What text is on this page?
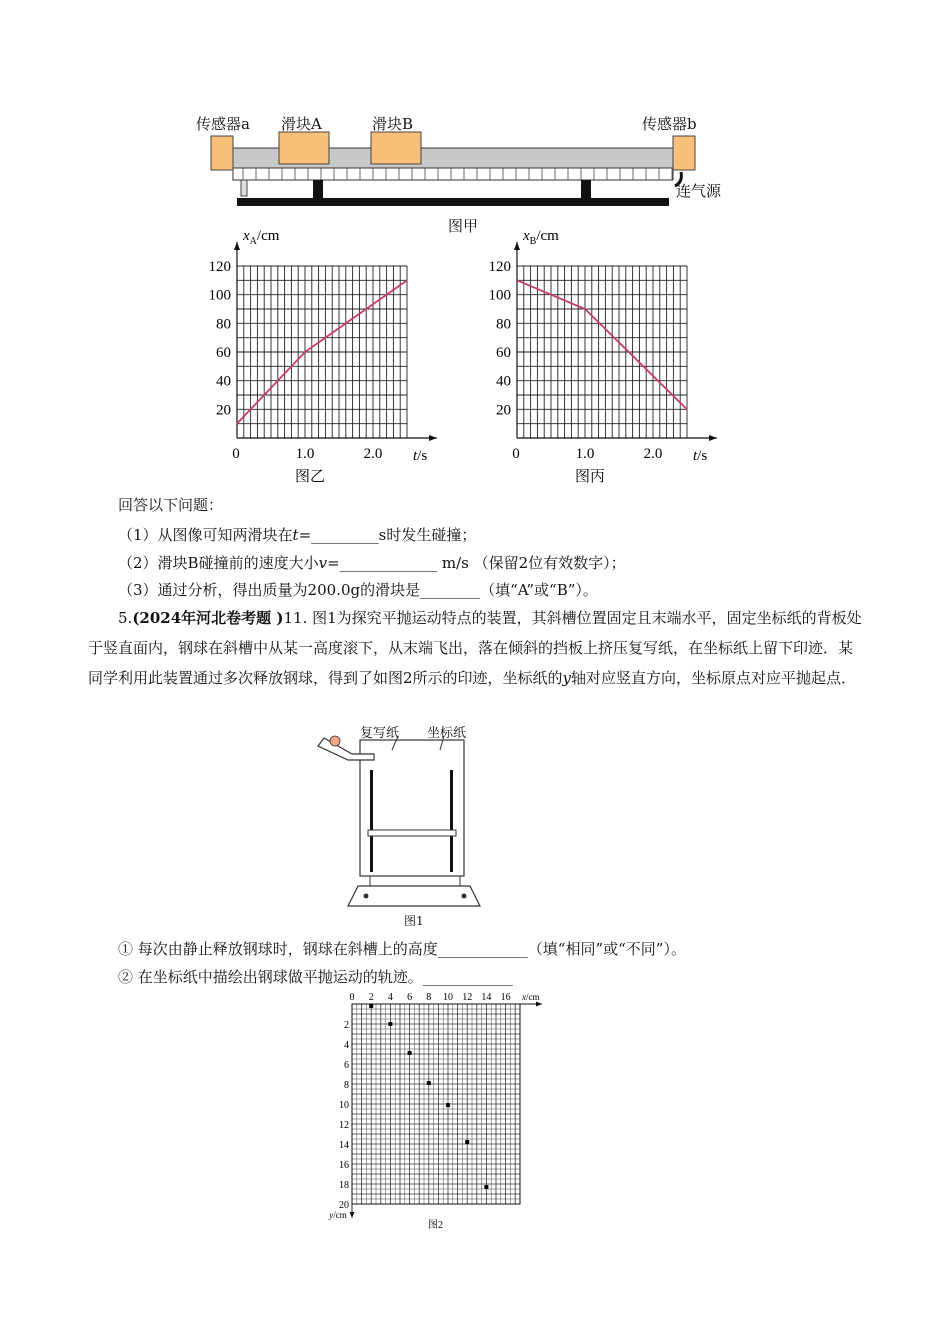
传感器a 滑块A	滑块B	传感器b
连气源
图甲
20
40
60
80
100
120
0	1.0	2.0
$x_A/cm$
t/s
图乙
20
40
60
80
100
120
0	1.0	2.0
$x_B/cm$
t/s
图丙
回答以下问题：
（1）从图像可知两滑块在t=_________s时发生碰撞；
（2）滑块B碰撞前的速度大小v=_____________ m/s （保留2位有效数字）；
（3）通过分析，得出质量为200.0g的滑块是________（填“A”或“B”）。
5.(2024年河北卷考题 )11. 图1为探究平抛运动特点的装置，其斜槽位置固定且末端水平，固定坐标纸的背板处于竖直面内，钢球在斜槽中从某一高度滚下，从末端飞出，落在倾斜的挡板上挤压复写纸，在坐标纸上留下印迹．某同学利用此装置通过多次释放钢球，得到了如图2所示的印迹，坐标纸的y轴对应竖直方向，坐标原点对应平抛起点．
复写纸 坐标纸
图1
① 每次由静止释放钢球时，钢球在斜槽上的高度____________（填“相同”或“不同”）。
② 在坐标纸中描绘出钢球做平抛运动的轨迹。____________
0 2 4 6 8 10 12 14 16
2
4
6
8
10
12
14
16
18
20
x/cm
y/cm
图2
